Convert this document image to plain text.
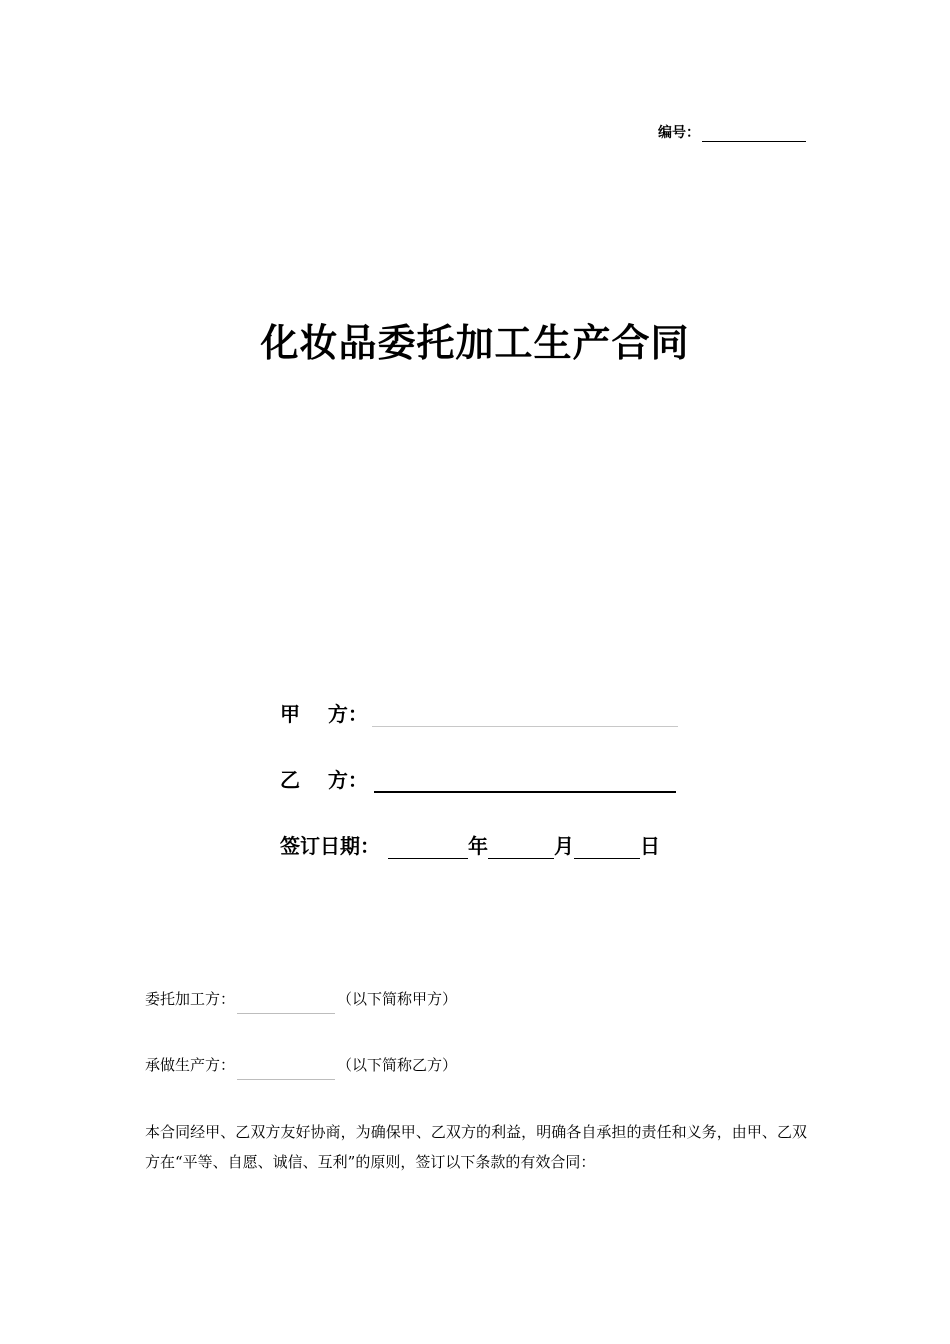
编号：
化妆品委托加工生产合同
甲    方：
乙    方：
签订日期：	年	月	日
委托加工方：	（以下简称甲方）
承做生产方：	（以下简称乙方）
本合同经甲、乙双方友好协商，为确保甲、乙双方的利益，明确各自承担的责任和义务，由甲、乙双方在“平等、自愿、诚信、互利”的原则，签订以下条款的有效合同：
